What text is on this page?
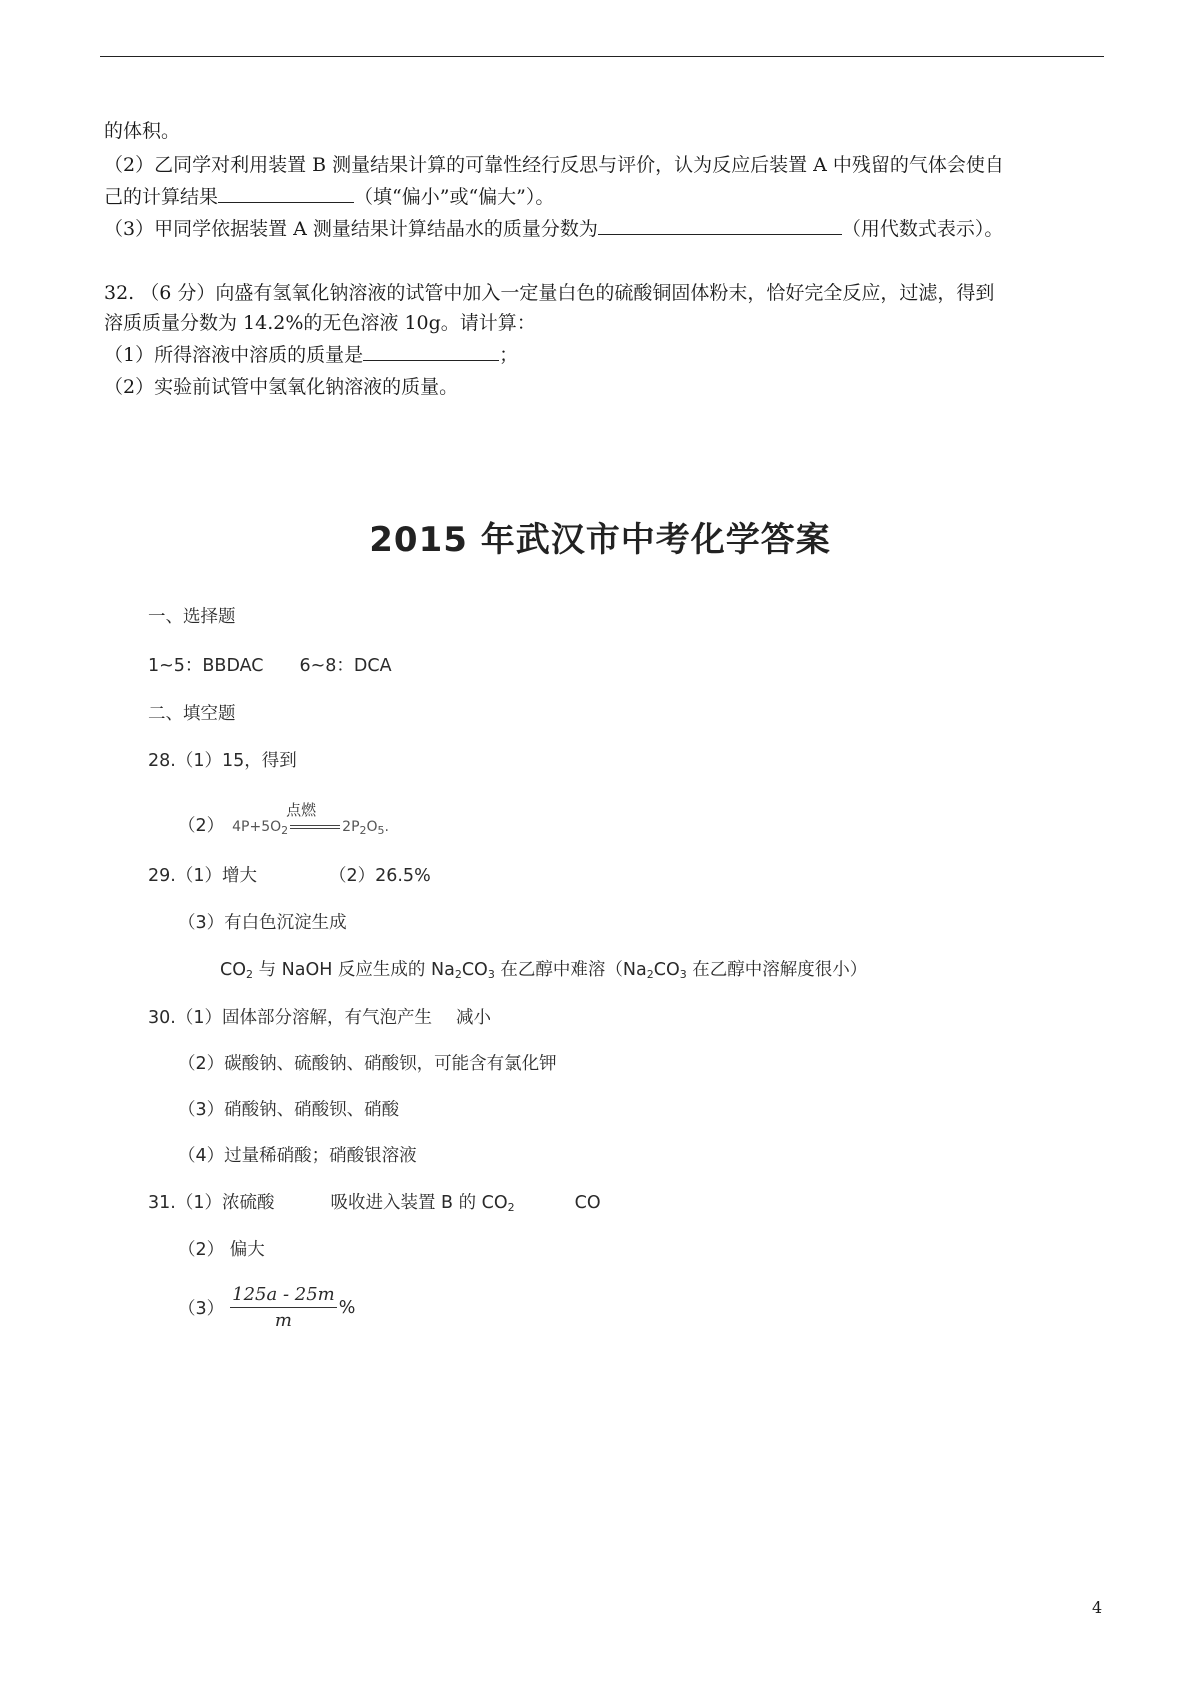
的体积。
（2）乙同学对利用装置 B 测量结果计算的可靠性经行反思与评价，认为反应后装置 A 中残留的气体会使自
己的计算结果	（填“偏小”或“偏大”）。
（3）甲同学依据装置 A 测量结果计算结晶水的质量分数为	（用代数式表示）。
32. （6 分）向盛有氢氧化钠溶液的试管中加入一定量白色的硫酸铜固体粉末，恰好完全反应，过滤，得到
溶质质量分数为 14.2%的无色溶液 10g。请计算：
（1）所得溶液中溶质的质量是	；
（2）实验前试管中氢氧化钠溶液的质量。
2015 年武汉市中考化学答案
一、选择题
1~5：BBDAC 6~8：DCA
二、填空题
28.（1）15，得到
（2）
点燃
$4P+5O_2$	$2P_2O_5$.
29.（1）增大	（2）26.5%
（3）有白色沉淀生成
$CO_2$ 与 NaOH 反应生成的 $Na_2CO_3$ 在乙醇中难溶（$Na_2CO_3$ 在乙醇中溶解度很小）
30.（1）固体部分溶解，有气泡产生 减小
（2）碳酸钠、硫酸钠、硝酸钡，可能含有氯化钾
（3）硝酸钠、硝酸钡、硝酸
（4）过量稀硝酸；硝酸银溶液
31.（1）浓硫酸	吸收进入装置 B 的 $CO_2$	CO
（2） 偏大
$(3) \frac{125a - 25m}{m}$ %
4
